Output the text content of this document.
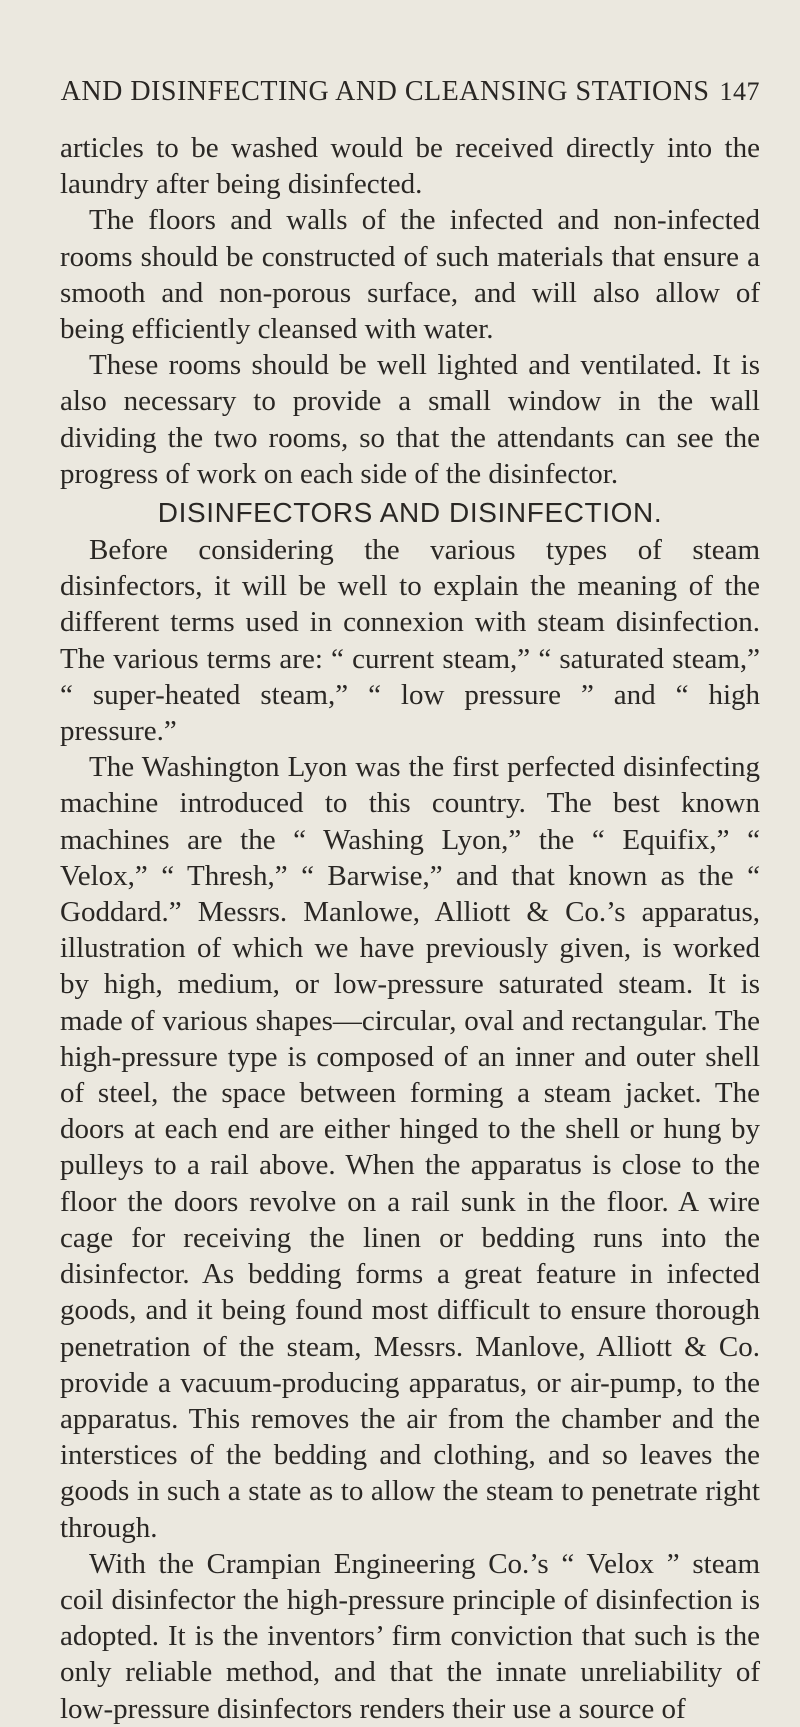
AND DISINFECTING AND CLEANSING STATIONS 147

articles to be washed would be received directly into the laundry after being disinfected.

The floors and walls of the infected and non-infected rooms should be constructed of such materials that ensure a smooth and non-porous surface, and will also allow of being efficiently cleansed with water.

These rooms should be well lighted and ventilated. It is also necessary to provide a small window in the wall dividing the two rooms, so that the attendants can see the progress of work on each side of the disinfector.

DISINFECTORS AND DISINFECTION.

Before considering the various types of steam disinfectors, it will be well to explain the meaning of the different terms used in connexion with steam disinfection. The various terms are: “ current steam,” “ saturated steam,” “ super-heated steam,” “ low pressure ” and “ high pressure.”

The Washington Lyon was the first perfected disinfecting machine introduced to this country. The best known machines are the “ Washing Lyon,” the “ Equifix,” “ Velox,” “ Thresh,” “ Barwise,” and that known as the “ Goddard.” Messrs. Manlowe, Alliott & Co.’s apparatus, illustration of which we have previously given, is worked by high, medium, or low-pressure saturated steam. It is made of various shapes—circular, oval and rectangular. The high-pressure type is composed of an inner and outer shell of steel, the space between forming a steam jacket. The doors at each end are either hinged to the shell or hung by pulleys to a rail above. When the apparatus is close to the floor the doors revolve on a rail sunk in the floor. A wire cage for receiving the linen or bedding runs into the disinfector. As bedding forms a great feature in infected goods, and it being found most difficult to ensure thorough penetration of the steam, Messrs. Manlove, Alliott & Co. provide a vacuum-producing apparatus, or air-pump, to the apparatus. This removes the air from the chamber and the interstices of the bedding and clothing, and so leaves the goods in such a state as to allow the steam to penetrate right through.

With the Crampian Engineering Co.’s “ Velox ” steam coil disinfector the high-pressure principle of disinfection is adopted. It is the inventors’ firm conviction that such is the only reliable method, and that the innate unreliability of low-pressure disinfectors renders their use a source of
